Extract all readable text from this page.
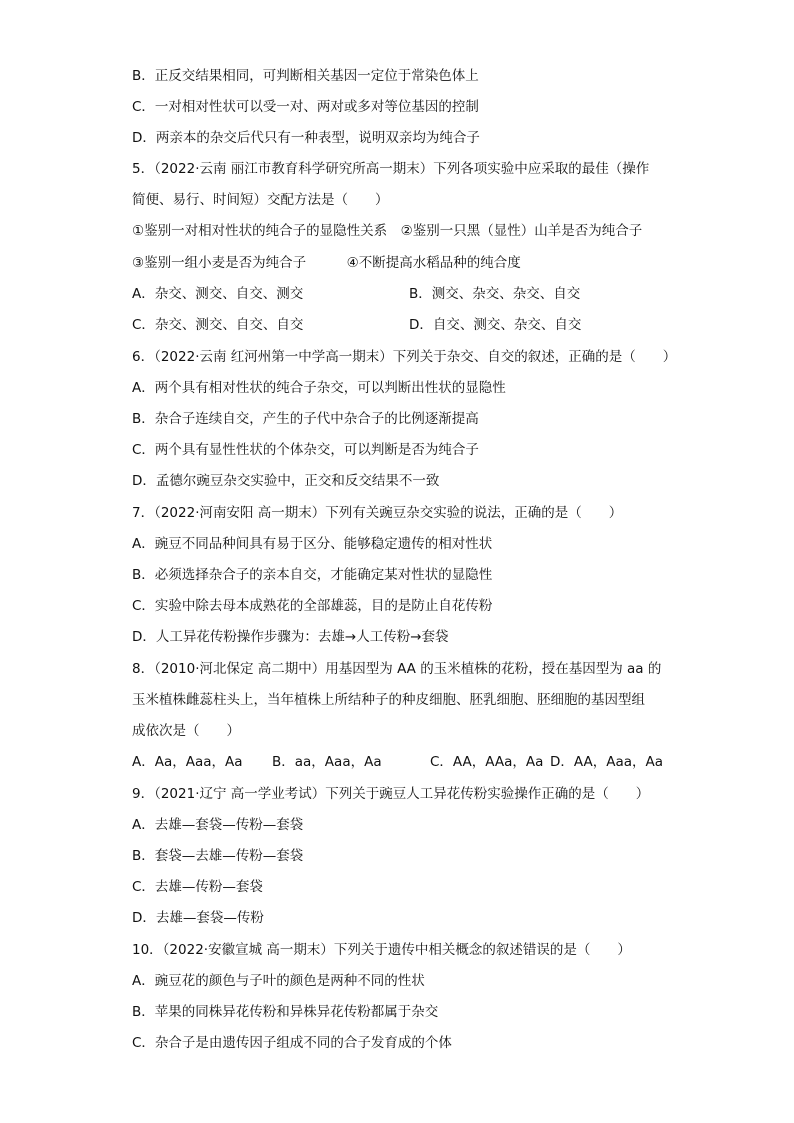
B．正反交结果相同，可判断相关基因一定位于常染色体上
C．一对相对性状可以受一对、两对或多对等位基因的控制
D．两亲本的杂交后代只有一种表型，说明双亲均为纯合子
5．（2022·云南 丽江市教育科学研究所高一期末）下列各项实验中应采取的最佳（操作
简便、易行、时间短）交配方法是（　　）
①鉴别一对相对性状的纯合子的显隐性关系　②鉴别一只黑（显性）山羊是否为纯合子
③鉴别一组小麦是否为纯合子　　　④不断提高水稻品种的纯合度
A．杂交、测交、自交、测交	B．测交、杂交、杂交、自交
C．杂交、测交、自交、自交	D．自交、测交、杂交、自交
6．（2022·云南 红河州第一中学高一期末）下列关于杂交、自交的叙述，正确的是（　　）
A．两个具有相对性状的纯合子杂交，可以判断出性状的显隐性
B．杂合子连续自交，产生的子代中杂合子的比例逐渐提高
C．两个具有显性性状的个体杂交，可以判断是否为纯合子
D．孟德尔豌豆杂交实验中，正交和反交结果不一致
7．（2022·河南安阳 高一期末）下列有关豌豆杂交实验的说法，正确的是（　　）
A．豌豆不同品种间具有易于区分、能够稳定遗传的相对性状
B．必须选择杂合子的亲本自交，才能确定某对性状的显隐性
C．实验中除去母本成熟花的全部雄蕊，目的是防止自花传粉
D．人工异花传粉操作步骤为：去雄→人工传粉→套袋
8．（2010·河北保定 高二期中）用基因型为 AA 的玉米植株的花粉，授在基因型为 aa 的
玉米植株雌蕊柱头上，当年植株上所结种子的种皮细胞、胚乳细胞、胚细胞的基因型组
成依次是（　　）
A．Aa，Aaa，Aa B．aa，Aaa，Aa	C．AA，AAa，Aa D．AA，Aaa，Aa
9．（2021·辽宁 高一学业考试）下列关于豌豆人工异花传粉实验操作正确的是（　　）
A．去雄—套袋—传粉—套袋
B．套袋—去雄—传粉—套袋
C．去雄—传粉—套袋
D．去雄—套袋—传粉
10．（2022·安徽宣城 高一期末）下列关于遗传中相关概念的叙述错误的是（　　）
A．豌豆花的颜色与子叶的颜色是两种不同的性状
B．苹果的同株异花传粉和异株异花传粉都属于杂交
C．杂合子是由遗传因子组成不同的合子发育成的个体
